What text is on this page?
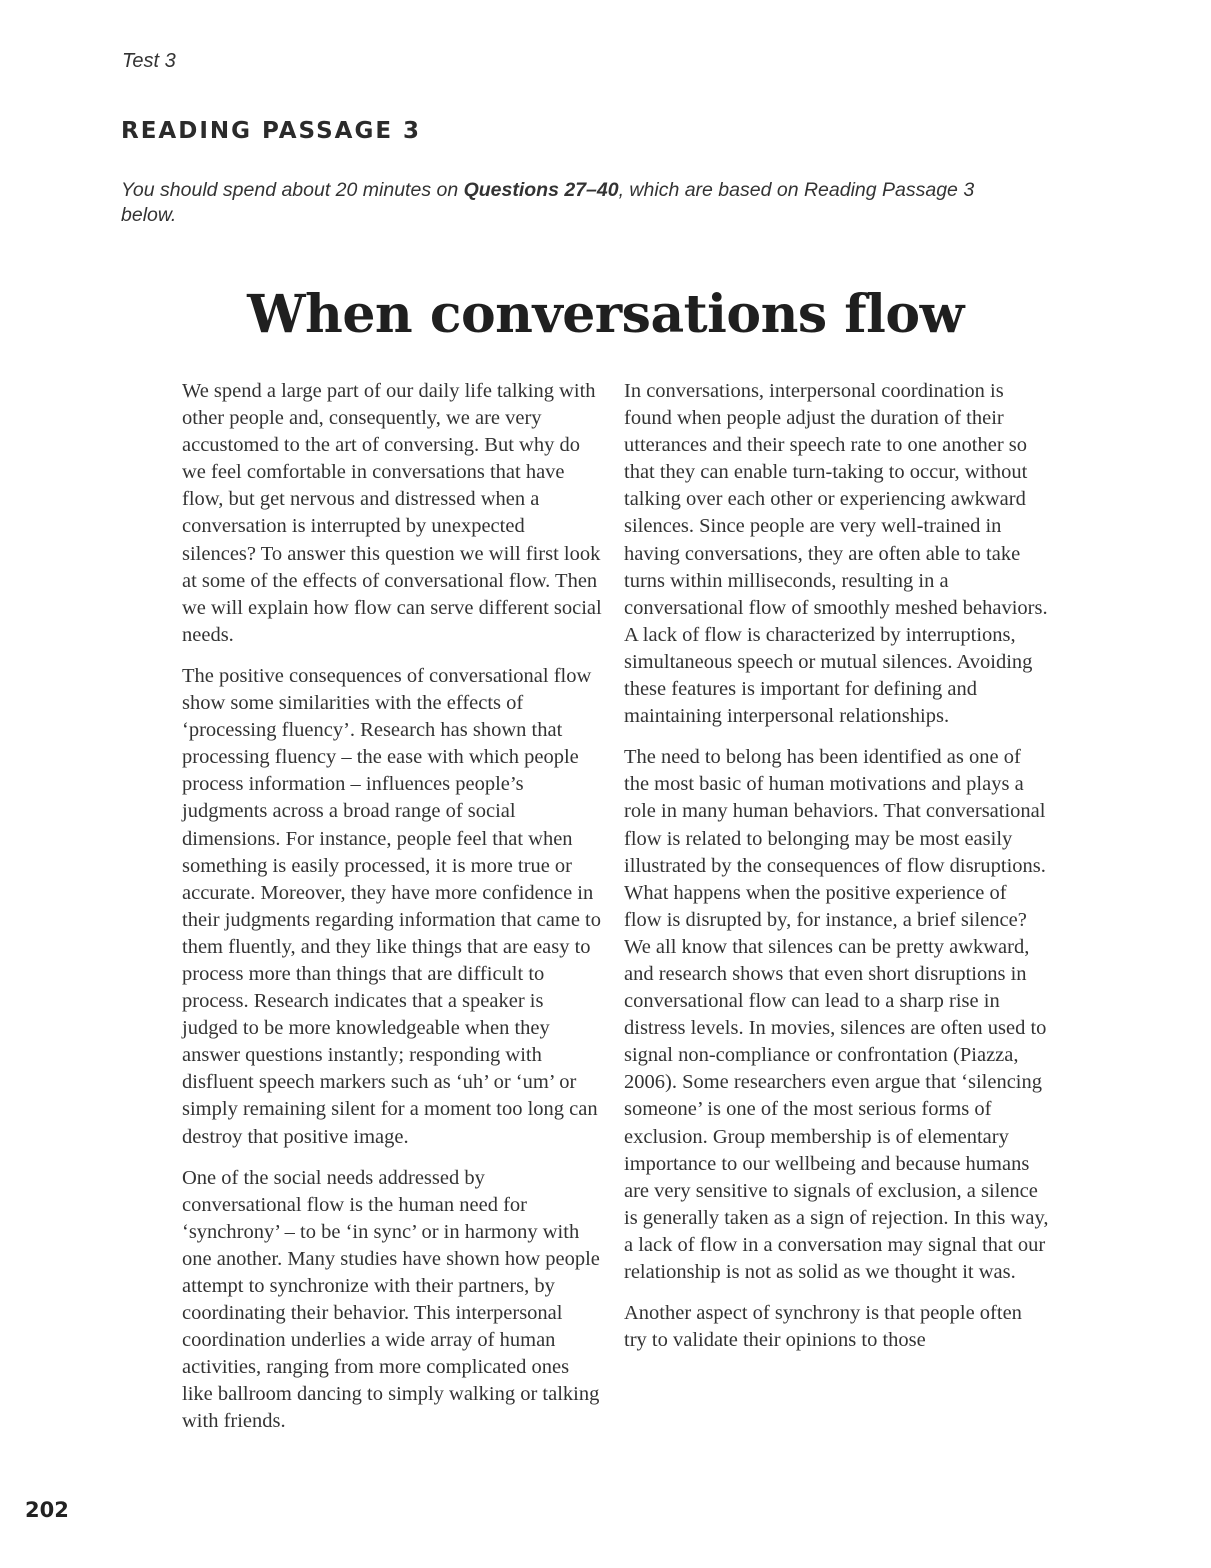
Test 3
READING PASSAGE 3
You should spend about 20 minutes on Questions 27–40, which are based on Reading Passage 3 below.
When conversations flow

We spend a large part of our daily life talking with other people and, consequently, we are very accustomed to the art of conversing. But why do we feel comfortable in conversations that have flow, but get nervous and distressed when a conversation is interrupted by unexpected silences? To answer this question we will first look at some of the effects of conversational flow. Then we will explain how flow can serve different social needs.

The positive consequences of conversational flow show some similarities with the effects of ‘processing fluency’. Research has shown that processing fluency – the ease with which people process information – influences people’s judgments across a broad range of social dimensions. For instance, people feel that when something is easily processed, it is more true or accurate. Moreover, they have more confidence in their judgments regarding information that came to them fluently, and they like things that are easy to process more than things that are difficult to process. Research indicates that a speaker is judged to be more knowledgeable when they answer questions instantly; responding with disfluent speech markers such as ‘uh’ or ‘um’ or simply remaining silent for a moment too long can destroy that positive image.

One of the social needs addressed by conversational flow is the human need for ‘synchrony’ – to be ‘in sync’ or in harmony with one another. Many studies have shown how people attempt to synchronize with their partners, by coordinating their behavior. This interpersonal coordination underlies a wide array of human activities, ranging from more complicated ones like ballroom dancing to simply walking or talking with friends.

In conversations, interpersonal coordination is found when people adjust the duration of their utterances and their speech rate to one another so that they can enable turn-taking to occur, without talking over each other or experiencing awkward silences. Since people are very well-trained in having conversations, they are often able to take turns within milliseconds, resulting in a conversational flow of smoothly meshed behaviors. A lack of flow is characterized by interruptions, simultaneous speech or mutual silences. Avoiding these features is important for defining and maintaining interpersonal relationships.

The need to belong has been identified as one of the most basic of human motivations and plays a role in many human behaviors. That conversational flow is related to belonging may be most easily illustrated by the consequences of flow disruptions. What happens when the positive experience of flow is disrupted by, for instance, a brief silence? We all know that silences can be pretty awkward, and research shows that even short disruptions in conversational flow can lead to a sharp rise in distress levels. In movies, silences are often used to signal non-compliance or confrontation (Piazza, 2006). Some researchers even argue that ‘silencing someone’ is one of the most serious forms of exclusion. Group membership is of elementary importance to our wellbeing and because humans are very sensitive to signals of exclusion, a silence is generally taken as a sign of rejection. In this way, a lack of flow in a conversation may signal that our relationship is not as solid as we thought it was.

Another aspect of synchrony is that people often try to validate their opinions to those

202
